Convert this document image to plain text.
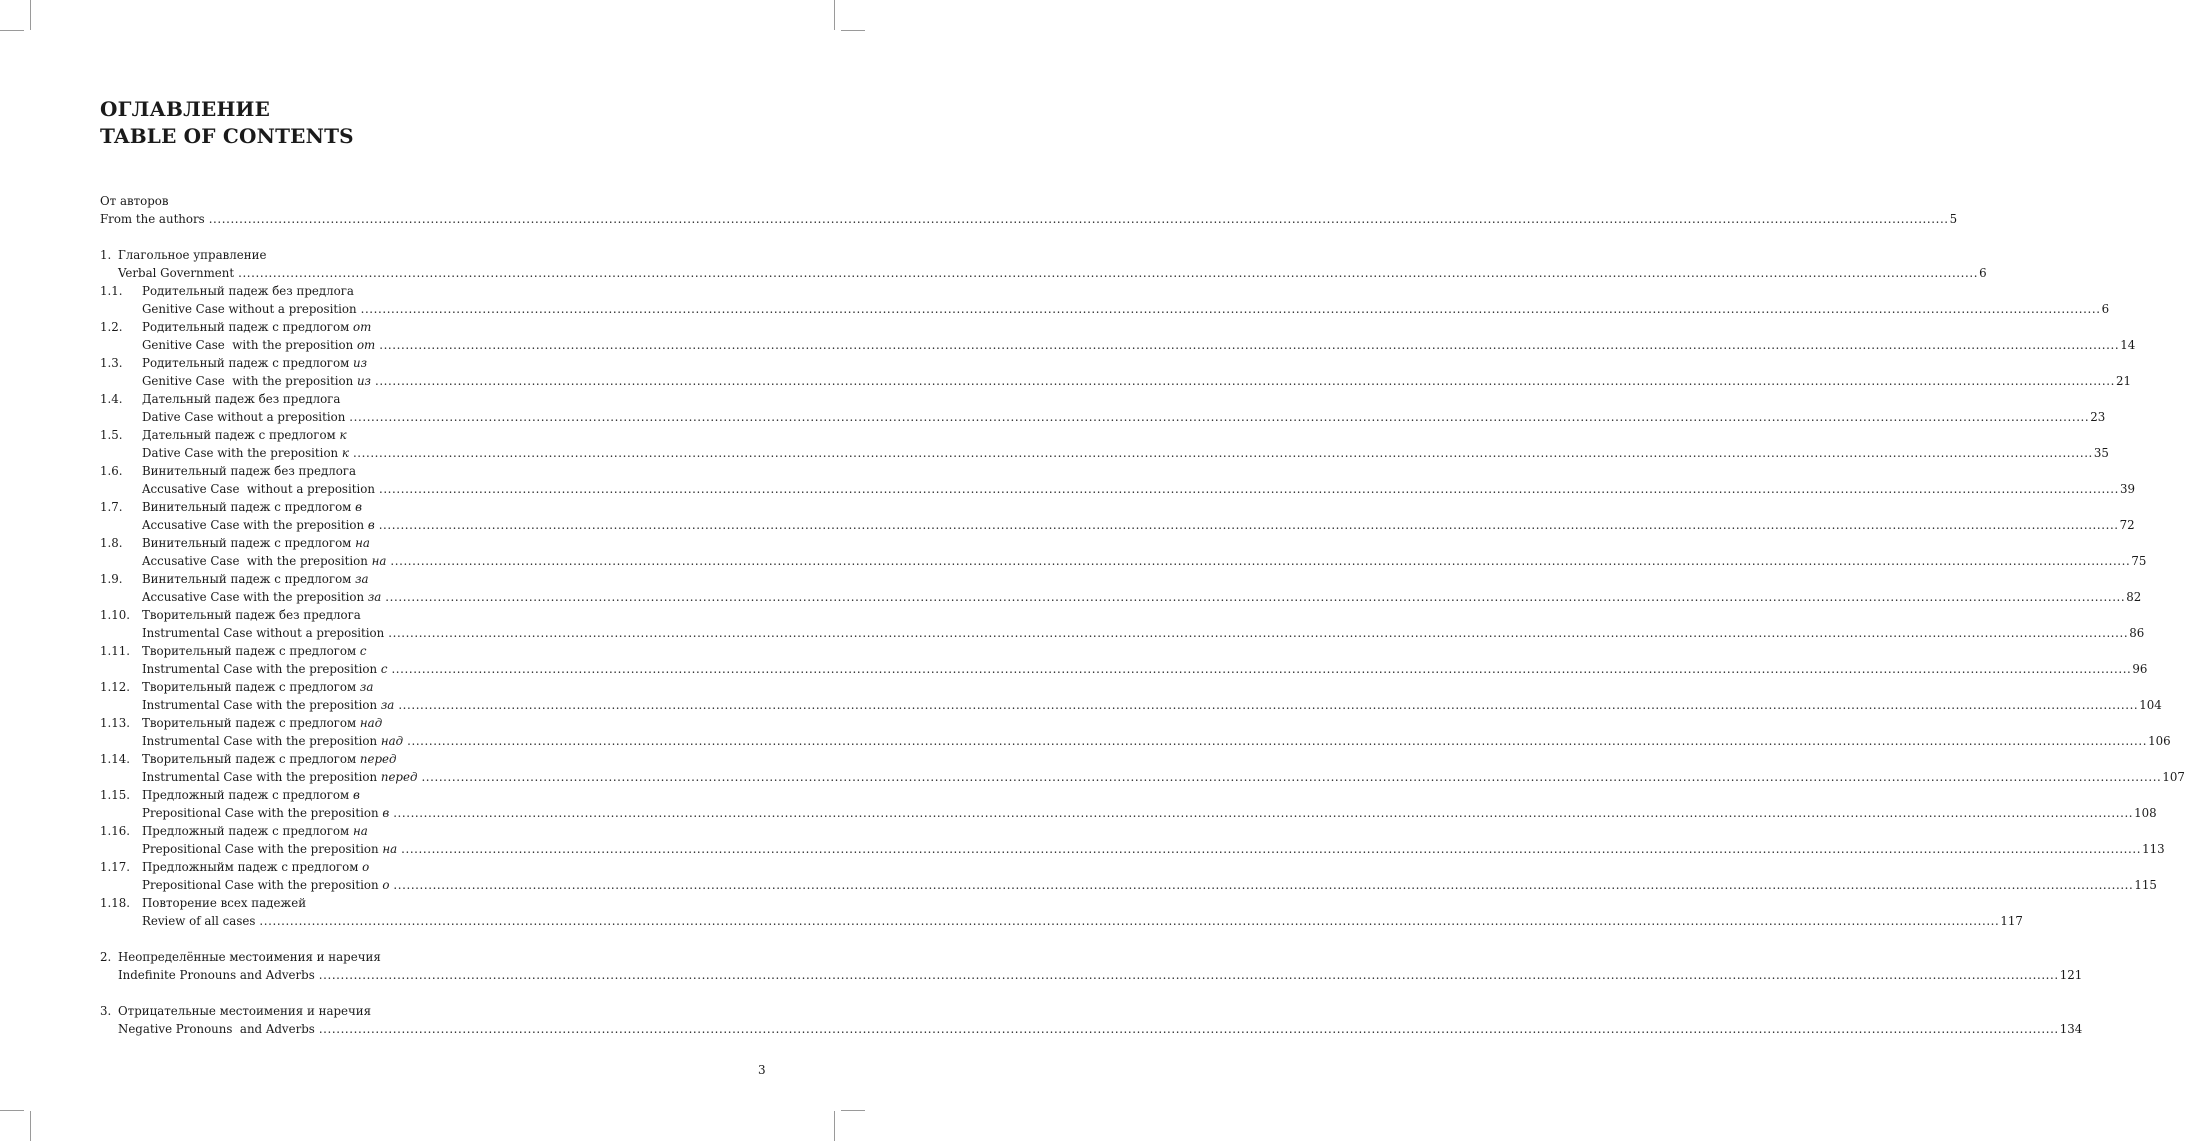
ОГЛАВЛЕНИЕ
TABLE OF CONTENTS
От авторов
From the authors ................................................................................................................................................................................................................................................................................................................................................................................................................ 5
1. Глагольное управление
Verbal Government ................................................................................................................................................................................................................................................................................................................................................................................................................ 6
1.1. Родительный падеж без предлога
Genitive Case without a preposition ................................................................................................................................................................................................................................................................................................................................................................................................................ 6
1.2. Родительный падеж с предлогом от
Genitive Case  with the preposition от ................................................................................................................................................................................................................................................................................................................................................................................................................ 14
1.3. Родительный падеж с предлогом из
Genitive Case  with the preposition из ................................................................................................................................................................................................................................................................................................................................................................................................................ 21
1.4. Дательный падеж без предлога
Dative Case without a preposition ................................................................................................................................................................................................................................................................................................................................................................................................................ 23
1.5. Дательный падеж с предлогом к
Dative Case with the preposition к ................................................................................................................................................................................................................................................................................................................................................................................................................ 35
1.6. Винительный падеж без предлога
Accusative Case  without a preposition ................................................................................................................................................................................................................................................................................................................................................................................................................ 39
1.7. Винительный падеж с предлогом в
Accusative Case with the preposition в ................................................................................................................................................................................................................................................................................................................................................................................................................ 72
1.8. Винительный падеж с предлогом на
Accusative Case  with the preposition на ................................................................................................................................................................................................................................................................................................................................................................................................................ 75
1.9. Винительный падеж с предлогом за
Accusative Case with the preposition за ................................................................................................................................................................................................................................................................................................................................................................................................................ 82
1.10. Творительный падеж без предлога
Instrumental Case without a preposition ................................................................................................................................................................................................................................................................................................................................................................................................................ 86
1.11. Творительный падеж с предлогом с
Instrumental Case with the preposition с ................................................................................................................................................................................................................................................................................................................................................................................................................ 96
1.12. Творительный падеж с предлогом за
Instrumental Case with the preposition за ................................................................................................................................................................................................................................................................................................................................................................................................................ 104
1.13. Творительный падеж с предлогом над
Instrumental Case with the preposition над ................................................................................................................................................................................................................................................................................................................................................................................................................ 106
1.14. Творительный падеж с предлогом перед
Instrumental Case with the preposition перед ................................................................................................................................................................................................................................................................................................................................................................................................................ 107
1.15. Предложный падеж с предлогом в
Prepositional Case with the preposition в ................................................................................................................................................................................................................................................................................................................................................................................................................ 108
1.16. Предложный падеж с предлогом на
Prepositional Case with the preposition на ................................................................................................................................................................................................................................................................................................................................................................................................................ 113
1.17. Предложныйм падеж с предлогом о
Prepositional Case with the preposition о ................................................................................................................................................................................................................................................................................................................................................................................................................ 115
1.18. Повторение всех падежей
Review of all cases ................................................................................................................................................................................................................................................................................................................................................................................................................ 117
2. Неопределённые местоимения и наречия
Indefinite Pronouns and Adverbs ................................................................................................................................................................................................................................................................................................................................................................................................................ 121
3. Отрицательные местоимения и наречия
Negative Pronouns  and Adverbs ................................................................................................................................................................................................................................................................................................................................................................................................................ 134
3
